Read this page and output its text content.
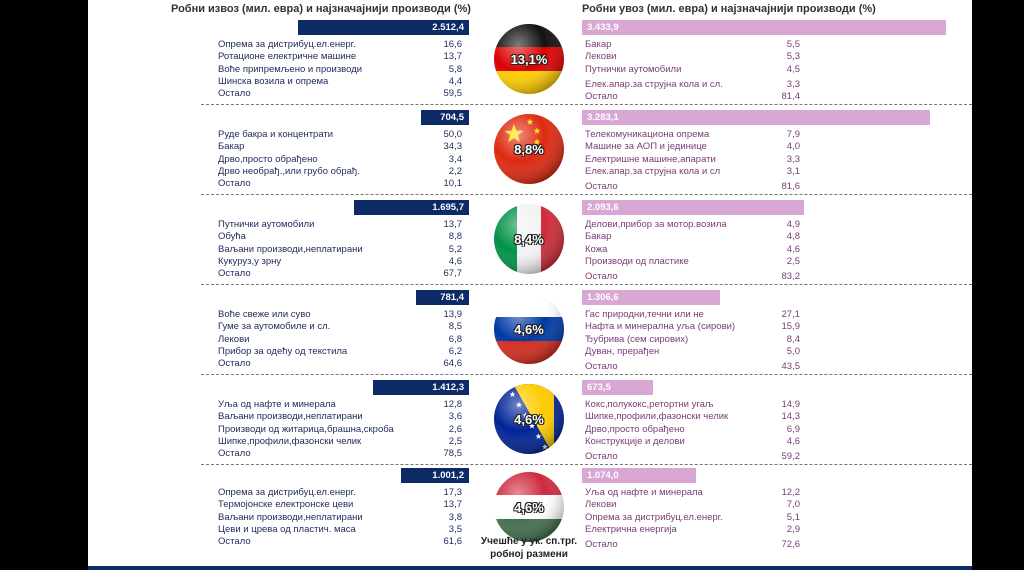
Робни извоз (мил. евра) и најзначајнији производи (%)	Робни увоз (мил. евра) и најзначајнији производи (%)
2.512,4	3.433,9
Опрема за дистрибуц.ел.енерг.	16,6
Ротационе електричне машине	13,7
Воће припремљено и производи	5,8
Шинска возила и опрема	4,4
Остало	59,5
Бакар	5,5
Лекови	5,3
Путнички аутомобили	4,5
Елек.апар.за струјна кола и сл.	3,3
Остало	81,4
13,1%
704,5	3.283,1
Руде бакра и концентрати	50,0
Бакар	34,3
Дрво,просто обрађено	3,4
Дрво необрађ.,или грубо обрађ.	2,2
Остало	10,1
Телекомуникациона опрема	7,9
Машине за АОП и јединице	4,0
Електришне машине,апарати	3,3
Елек.апар.за струјна кола и сл	3,1
Остало	81,6
8,8%
1.695,7	2.093,6
Путнички аутомобили	13,7
Обућа	8,8
Ваљани производи,неплатирани	5,2
Кукуруз,у зрну	4,6
Остало	67,7
Делови,прибор за мотор.возила	4,9
Бакар	4,8
Кожа	4,6
Производи од пластике	2,5
Остало	83,2
8,4%
781,4	1.306,6
Воће свеже или суво	13,9
Гуме за аутомобиле и сл.	8,5
Лекови	6,8
Прибор за одећу од текстила	6,2
Остало	64,6
Гас природни,течни или не	27,1
Нафта и минерална уља (сирови)	15,9
Ђубрива (сем сирових)	8,4
Дуван, прерађен	5,0
Остало	43,5
4,6%
1.412,3	673,5
Уља од нафте и минерала	12,8
Ваљани производи,неплатирани	3,6
Производи од житарица,брашна,скроба	2,6
Шипке,профили,фазонски челик	2,5
Остало	78,5
Кокс,полукокс,ретортни угаљ	14,9
Шипке,профили,фазонски челик	14,3
Дрво,просто обрађено	6,9
Конструкције и делови	4,6
Остало	59,2
4,6%
1.001,2	1.074,0
Опрема за дистрибуц.ел.енерг.	17,3
Термојонске електронске цеви	13,7
Ваљани производи,неплатирани	3,8
Цеви и црева од пластич. маса	3,5
Остало	61,6
Уља од нафте и минерала	12,2
Лекови	7,0
Опрема за дистрибуц.ел.енерг.	5,1
Електрична енергија	2,9
Остало	72,6
4,6%
Учешће у ук. сп.трг.
робној размени
